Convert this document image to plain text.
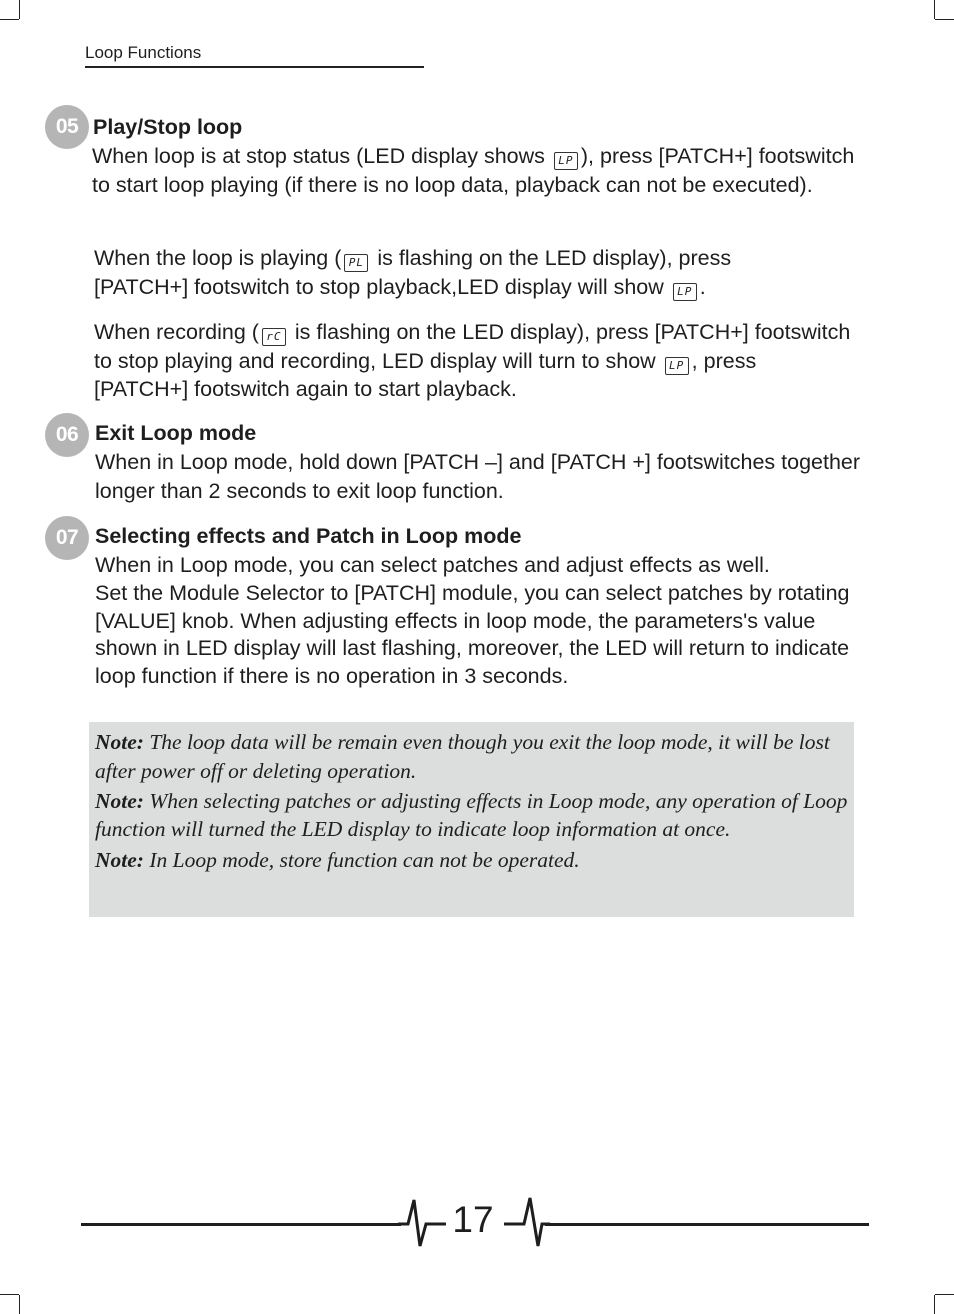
Loop Functions
05 Play/Stop loop
When loop is at stop status (LED display shows LP ), press [PATCH+] footswitch to start loop playing (if there is no loop data, playback can not be executed).
When the loop is playing ( PL is flashing on the LED display), press [PATCH+] footswitch to stop playback,LED display will show LP .
When recording ( rC is flashing on the LED display), press [PATCH+] footswitch to stop playing and recording, LED display will turn to show LP , press [PATCH+] footswitch again to start playback.
06 Exit Loop mode
When in Loop mode, hold down [PATCH –] and [PATCH +] footswitches together longer than 2 seconds to exit loop function.
07 Selecting effects and Patch in Loop mode
When in Loop mode, you can select patches and adjust effects as well.
Set the Module Selector to [PATCH] module, you can select patches by rotating [VALUE] knob. When adjusting effects in loop mode, the parameters's value shown in LED display will last flashing, moreover, the LED will return to indicate loop function if there is no operation in 3 seconds.

Note: The loop data will be remain even though you exit the loop mode, it will be lost after power off or deleting operation.

Note: When selecting patches or adjusting effects in Loop mode, any operation of Loop function will turned the LED display to indicate loop information at once.

Note: In Loop mode, store function can not be operated.

17
